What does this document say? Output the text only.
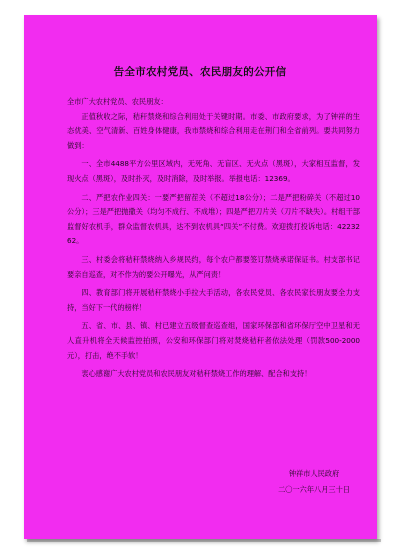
告全市农村党员、农民朋友的公开信

全市广大农村党员、农民朋友：

正值秋收之际，秸秆禁烧和综合利用处于关键时期。市委、市政府要求，为了钟祥的生态优美、空气清新、百姓身体健康，我市禁烧和综合利用走在荆门和全省前列。要共同努力做到：

一、全市4488平方公里区域内，无死角、无盲区、无火点（黑斑），大家相互监督，发现火点（黑斑），及时扑灭，及时消除，及时举报。举报电话：12369。

二、严把农作业四关：一要严把留茬关（不超过18公分）；二是严把粉碎关（不超过10公分）；三是严把抛撒关（均匀不成行、不成堆）；四是严把刀片关（刀片不缺失）。村组干部监督好农机手，群众监督农机具，达不到农机具“四关”不付费。欢迎拨打投诉电话：4223262。

三、村委会将秸秆禁烧纳入乡规民约，每个农户都要签订禁烧承诺保证书。村支部书记要亲自巡查，对不作为的要公开曝光，从严问责！

四、教育部门将开展秸秆禁烧小手拉大手活动，各农民党员、各农民家长朋友要全力支持，当好下一代的榜样！

五、省、市、县、镇、村已建立五级督查巡查组，国家环保部和省环保厅空中卫星和无人直升机将全天候监控拍照，公安和环保部门将对焚烧秸秆者依法处理（罚款500-2000元），打击，绝不手软！

衷心感谢广大农村党员和农民朋友对秸秆禁烧工作的理解、配合和支持！

钟祥市人民政府
二〇一六年八月三十日
